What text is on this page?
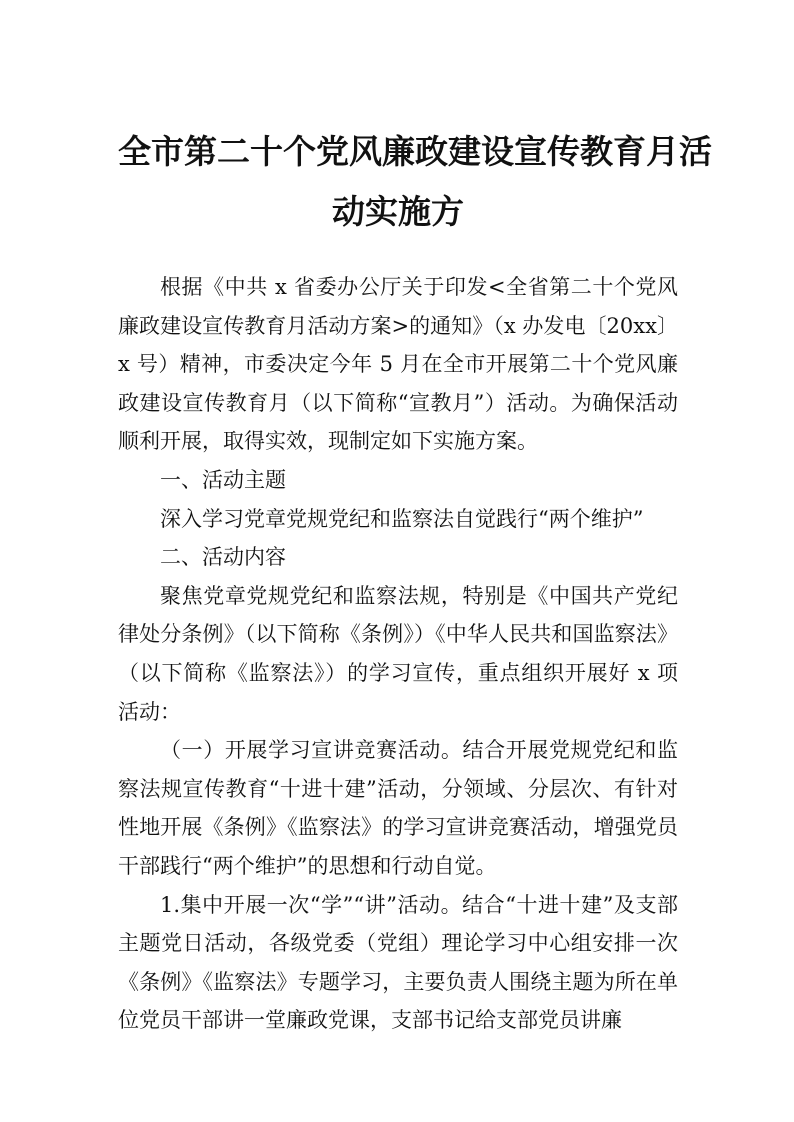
全市第二十个党风廉政建设宣传教育月活
动实施方

根据《中共 x 省委办公厅关于印发<全省第二十个党风廉政建设宣传教育月活动方案>的通知》（x 办发电〔20xx〕x 号）精神，市委决定今年 5 月在全市开展第二十个党风廉政建设宣传教育月（以下简称“宣教月”）活动。为确保活动顺利开展，取得实效，现制定如下实施方案。

一、活动主题

深入学习党章党规党纪和监察法自觉践行“两个维护”

二、活动内容

聚焦党章党规党纪和监察法规，特别是《中国共产党纪律处分条例》（以下简称《条例》）《中华人民共和国监察法》（以下简称《监察法》）的学习宣传，重点组织开展好 x 项活动：

（一）开展学习宣讲竞赛活动。结合开展党规党纪和监察法规宣传教育“十进十建”活动，分领域、分层次、有针对性地开展《条例》《监察法》的学习宣讲竞赛活动，增强党员干部践行“两个维护”的思想和行动自觉。

1.集中开展一次“学”“讲”活动。结合“十进十建”及支部主题党日活动，各级党委（党组）理论学习中心组安排一次《条例》《监察法》专题学习，主要负责人围绕主题为所在单位党员干部讲一堂廉政党课，支部书记给支部党员讲廉
